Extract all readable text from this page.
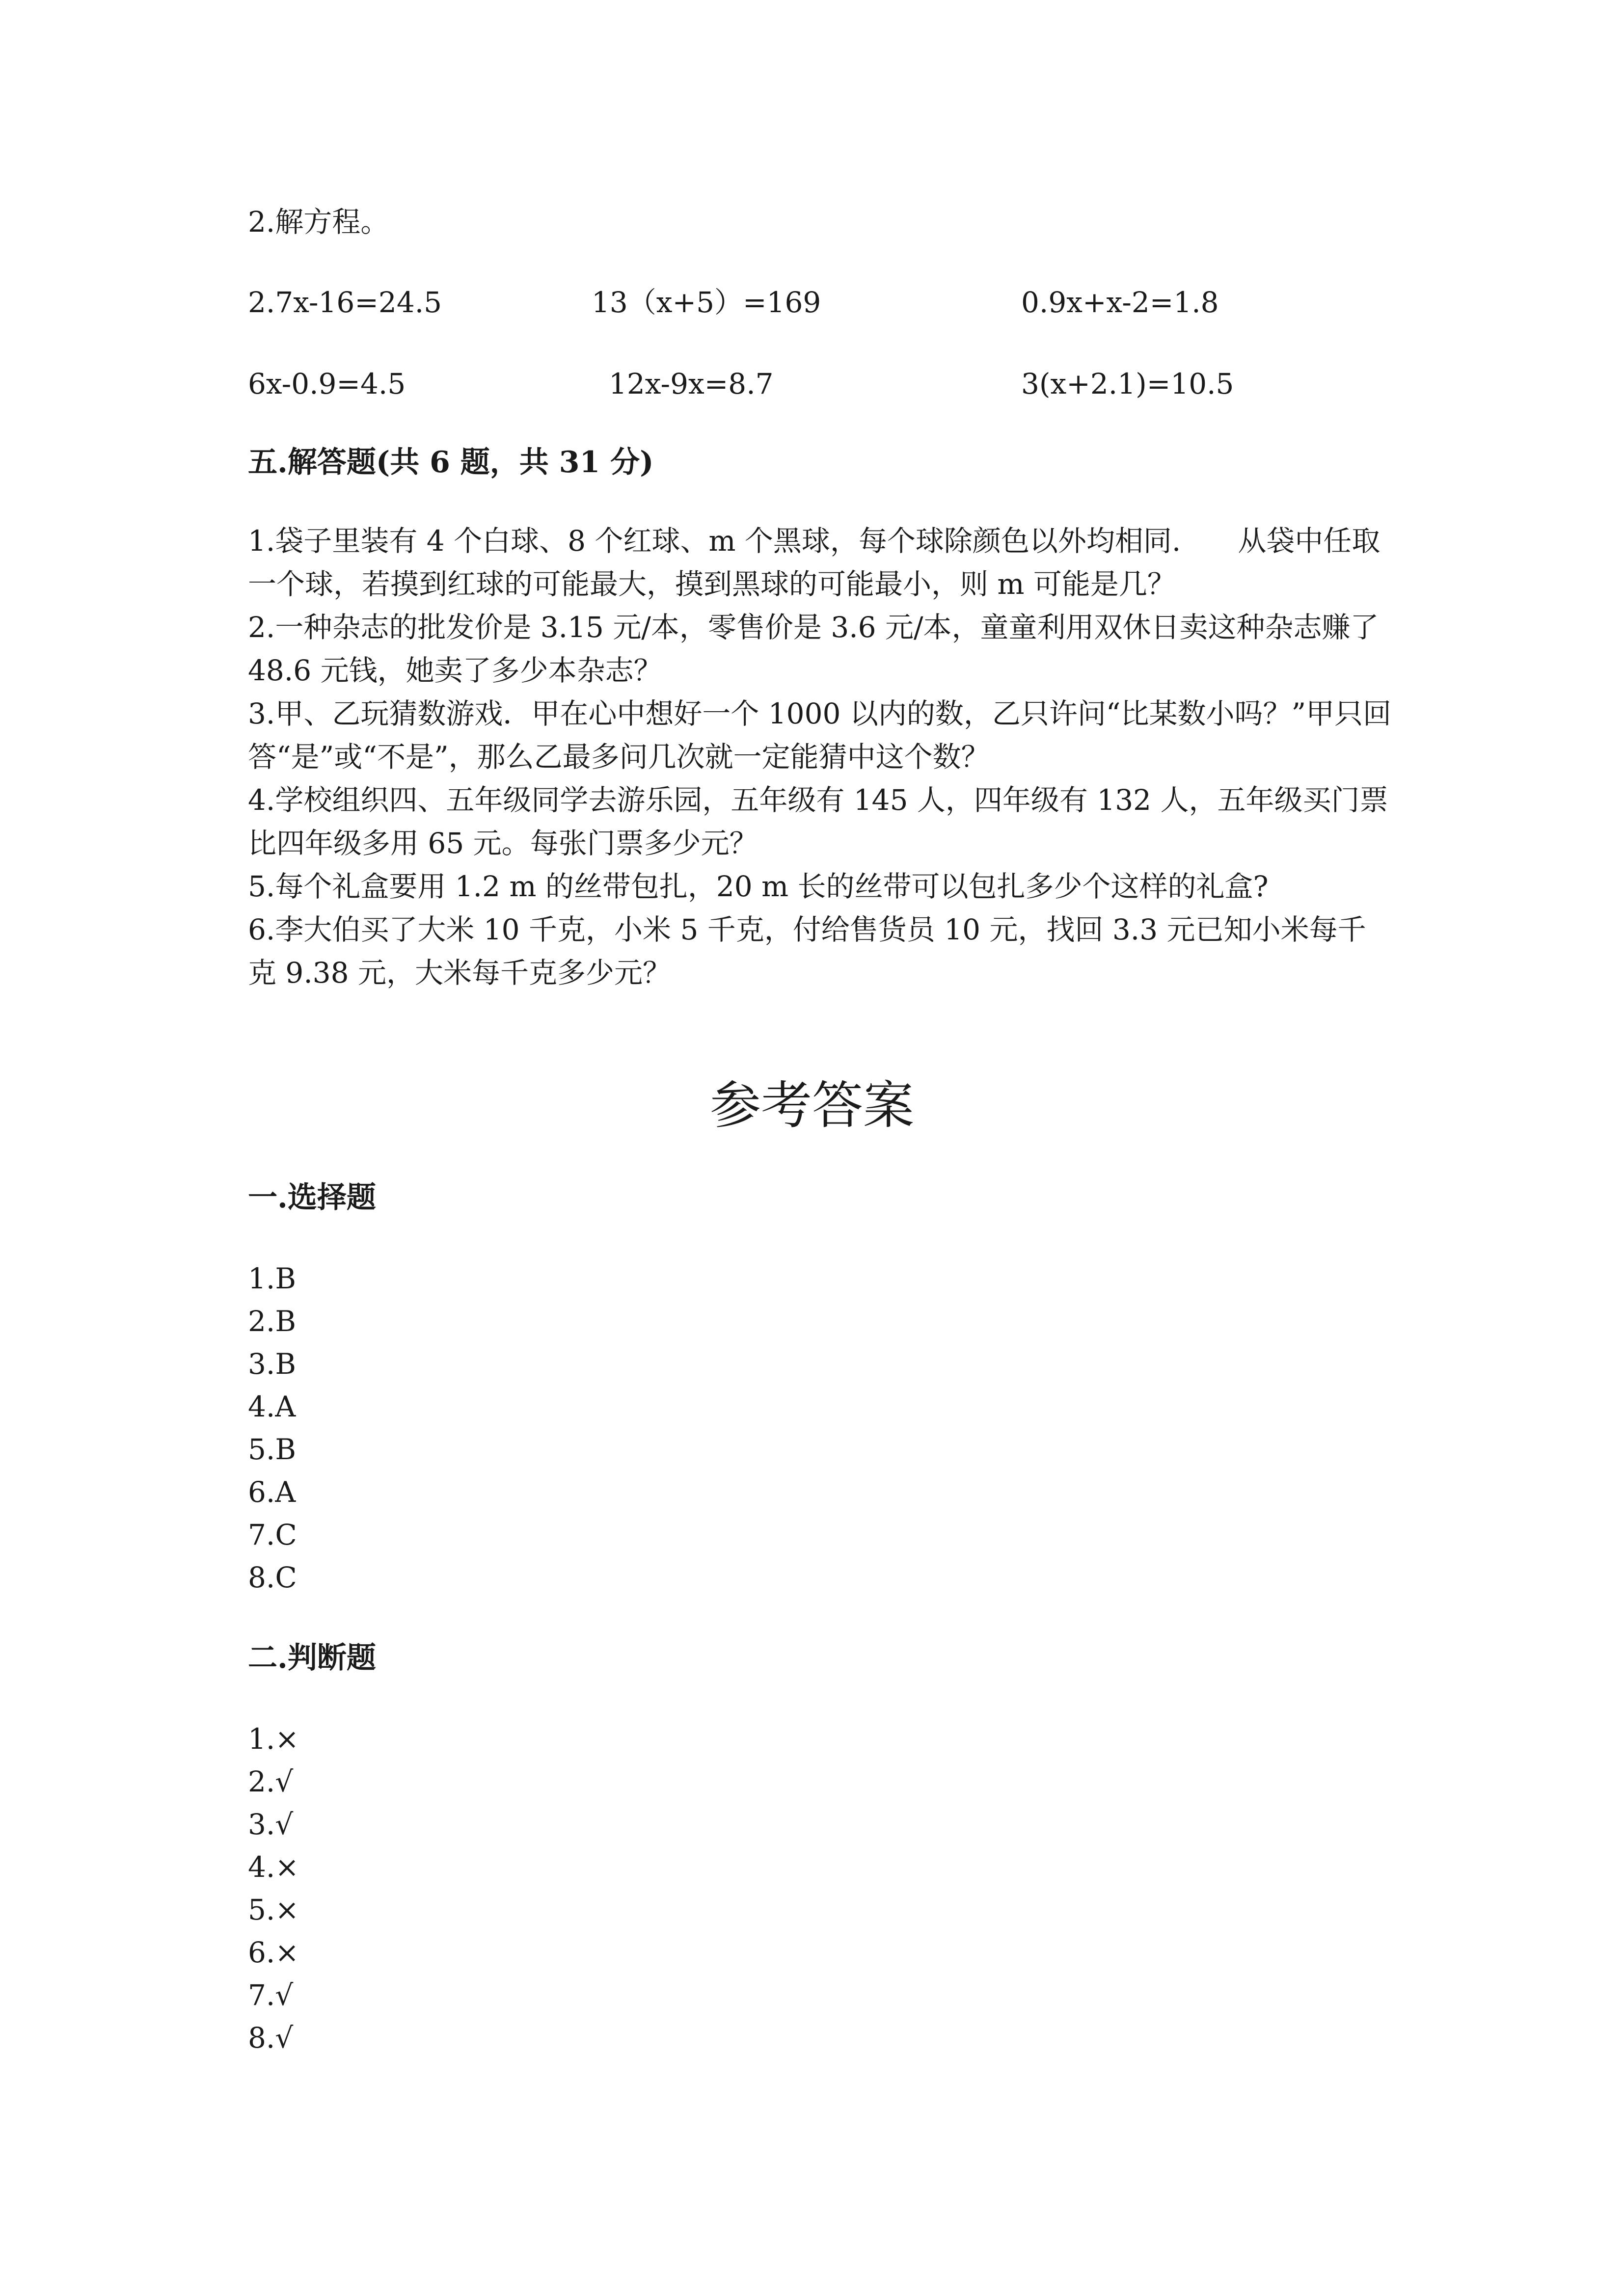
2.解方程。
2.7x-16=24.5	13（x+5）=169	0.9x+x-2=1.8
6x-0.9=4.5	12x-9x=8.7	3(x+2.1)=10.5
五.解答题(共 6 题，共 31 分)
1.袋子里装有 4 个白球、8 个红球、m 个黑球，每个球除颜色以外均相同.　　从袋中任取一个球，若摸到红球的可能最大，摸到黑球的可能最小，则 m 可能是几？
2.一种杂志的批发价是 3.15 元/本，零售价是 3.6 元/本，童童利用双休日卖这种杂志赚了 48.6 元钱，她卖了多少本杂志？
3.甲、乙玩猜数游戏．甲在心中想好一个 1000 以内的数，乙只许问“比某数小吗？”甲只回答“是”或“不是”，那么乙最多问几次就一定能猜中这个数？
4.学校组织四、五年级同学去游乐园，五年级有 145 人，四年级有 132 人，五年级买门票比四年级多用 65 元。每张门票多少元？
5.每个礼盒要用 1.2 m 的丝带包扎，20 m 长的丝带可以包扎多少个这样的礼盒?
6.李大伯买了大米 10 千克，小米 5 千克，付给售货员 10 元，找回 3.3 元已知小米每千克 9.38 元，大米每千克多少元？
参考答案
一.选择题
1.B
2.B
3.B
4.A
5.B
6.A
7.C
8.C
二.判断题
1.×
2.√
3.√
4.×
5.×
6.×
7.√
8.√
